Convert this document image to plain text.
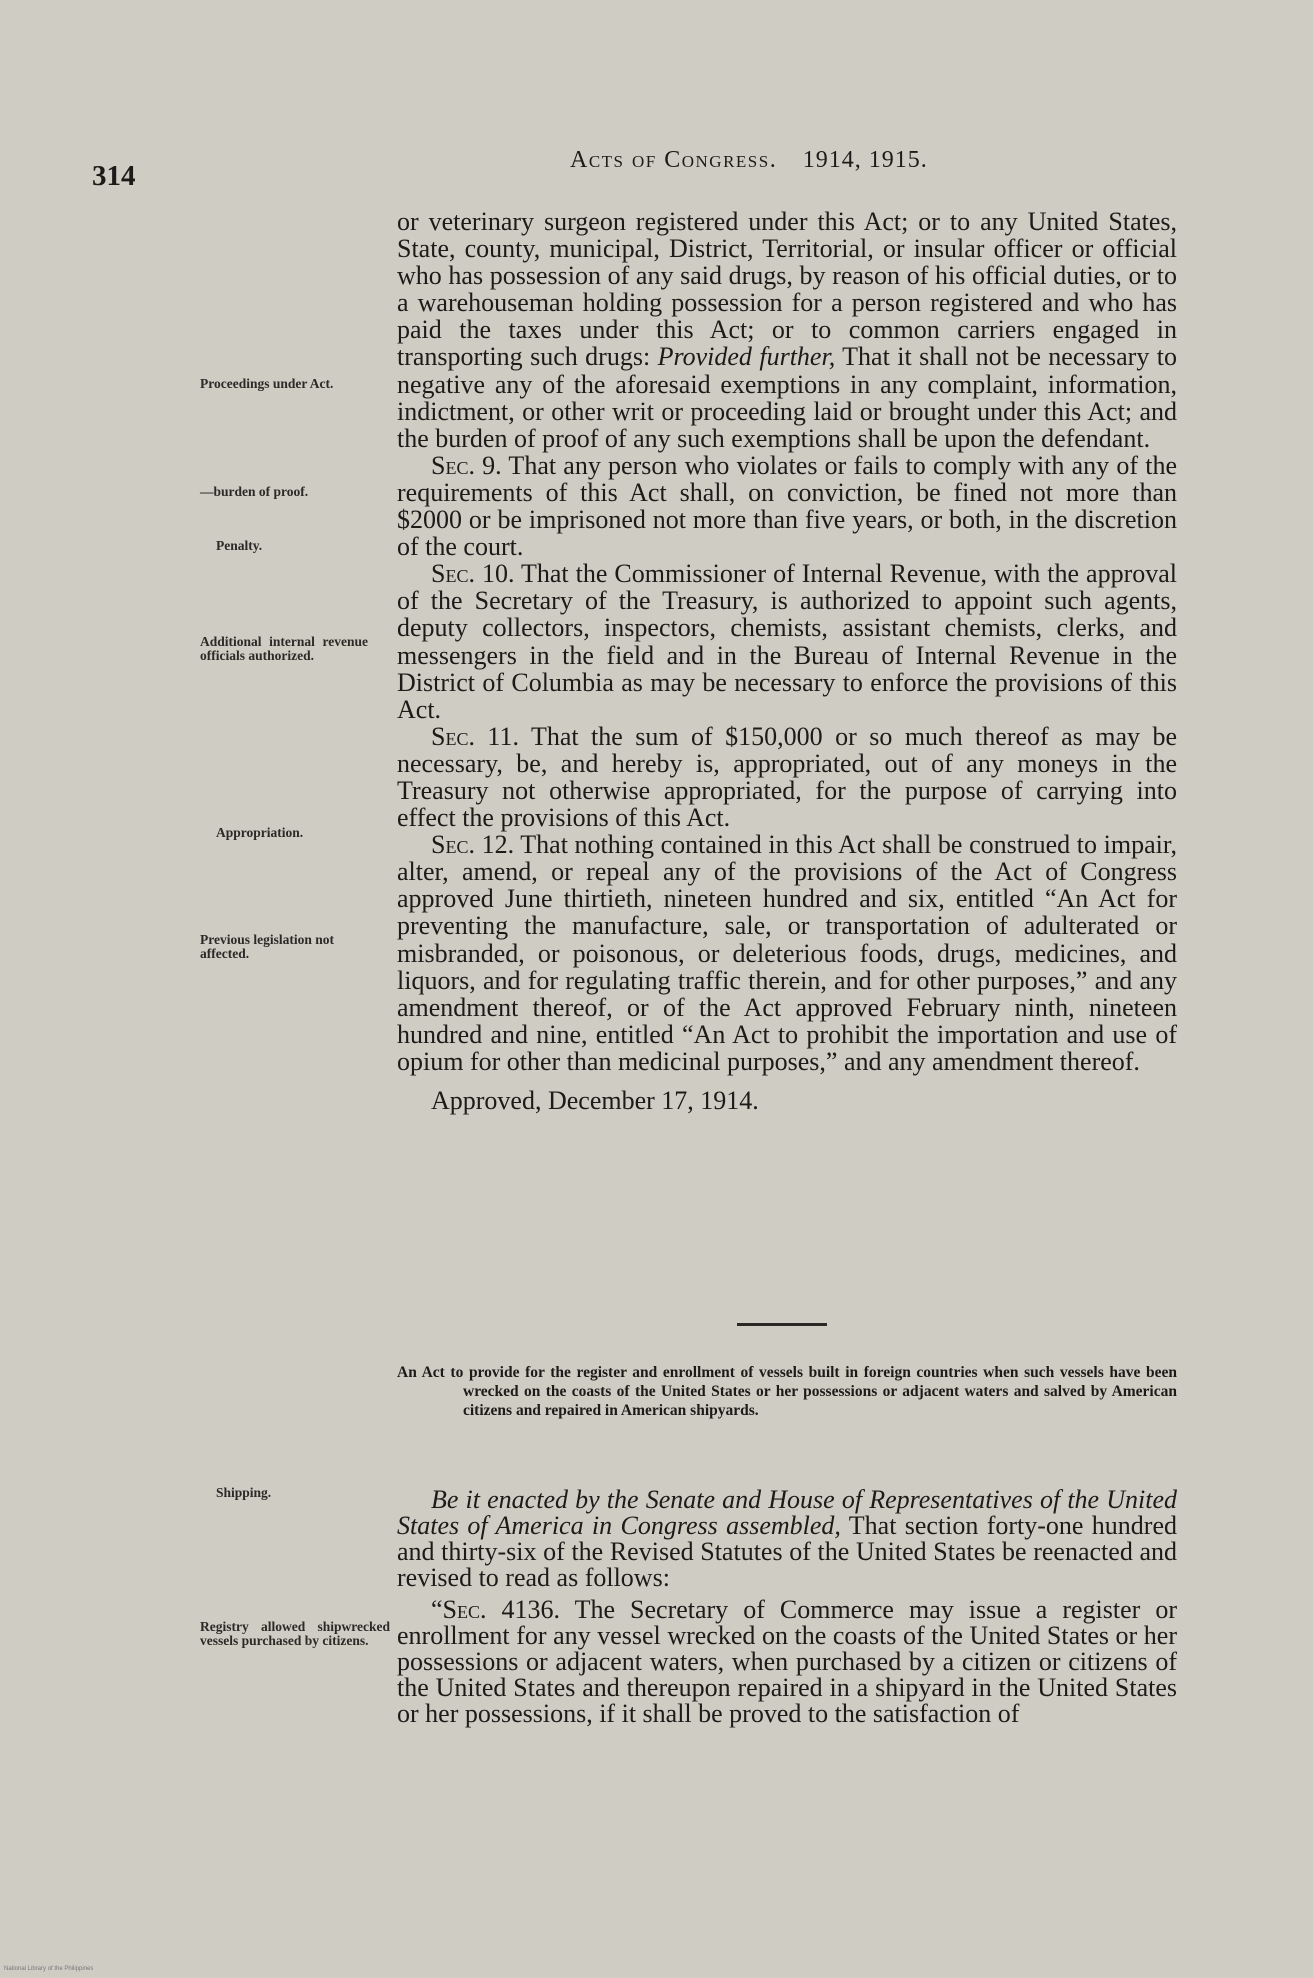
314	Acts of Congress. 1914, 1915.
Proceedings under Act.
—burden of proof.
Penalty.
Additional internal revenue officials authorized.
Appropriation.
Previous legislation not affected.
Shipping.
Registry allowed shipwrecked vessels purchased by citizens.

or veterinary surgeon registered under this Act; or to any United States, State, county, municipal, District, Territorial, or insular officer or official who has possession of any said drugs, by reason of his official duties, or to a warehouseman holding possession for a person registered and who has paid the taxes under this Act; or to common carriers engaged in transporting such drugs: Provided further, That it shall not be necessary to negative any of the aforesaid exemptions in any complaint, information, indictment, or other writ or proceeding laid or brought under this Act; and the burden of proof of any such exemptions shall be upon the defendant.

Sec. 9. That any person who violates or fails to comply with any of the requirements of this Act shall, on conviction, be fined not more than $2000 or be imprisoned not more than five years, or both, in the discretion of the court.

Sec. 10. That the Commissioner of Internal Revenue, with the approval of the Secretary of the Treasury, is authorized to appoint such agents, deputy collectors, inspectors, chemists, assistant chemists, clerks, and messengers in the field and in the Bureau of Internal Revenue in the District of Columbia as may be necessary to enforce the provisions of this Act.

Sec. 11. That the sum of $150,000 or so much thereof as may be necessary, be, and hereby is, appropriated, out of any moneys in the Treasury not otherwise appropriated, for the purpose of carrying into effect the provisions of this Act.

Sec. 12. That nothing contained in this Act shall be construed to impair, alter, amend, or repeal any of the provisions of the Act of Congress approved June thirtieth, nineteen hundred and six, entitled “An Act for preventing the manufacture, sale, or transportation of adulterated or misbranded, or poisonous, or deleterious foods, drugs, medicines, and liquors, and for regulating traffic therein, and for other purposes,” and any amendment thereof, or of the Act approved February ninth, nineteen hundred and nine, entitled “An Act to prohibit the importation and use of opium for other than medicinal purposes,” and any amendment thereof.

Approved, December 17, 1914.

An Act to provide for the register and enrollment of vessels built in foreign countries when such vessels have been wrecked on the coasts of the United States or her possessions or adjacent waters and salved by American citizens and repaired in American shipyards.

Be it enacted by the Senate and House of Representatives of the United States of America in Congress assembled, That section forty-one hundred and thirty-six of the Revised Statutes of the United States be reenacted and revised to read as follows:

“Sec. 4136. The Secretary of Commerce may issue a register or enrollment for any vessel wrecked on the coasts of the United States or her possessions or adjacent waters, when purchased by a citizen or citizens of the United States and thereupon repaired in a shipyard in the United States or her possessions, if it shall be proved to the satisfaction of

National Library of the Philippines
